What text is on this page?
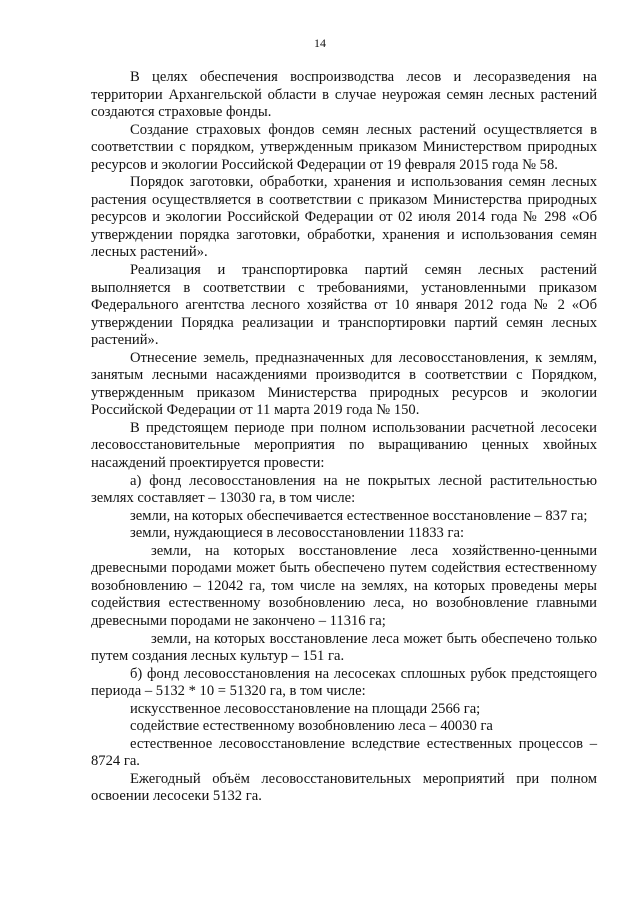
14

В целях обеспечения воспроизводства лесов и лесоразведения на территории Архангельской области в случае неурожая семян лесных растений создаются страховые фонды.

Создание страховых фондов семян лесных растений осуществляется в соответствии с порядком, утвержденным приказом Министерством природных ресурсов и экологии Российской Федерации от 19 февраля 2015 года № 58.

Порядок заготовки, обработки, хранения и использования семян лесных растения осуществляется в соответствии с приказом Министерства природных ресурсов и экологии Российской Федерации от 02 июля 2014 года № 298 «Об утверждении порядка заготовки, обработки, хранения и использования семян лесных растений».

Реализация и транспортировка партий семян лесных растений выполняется в соответствии с требованиями, установленными приказом Федерального агентства лесного хозяйства от 10 января 2012 года № 2 «Об утверждении Порядка реализации и транспортировки партий семян лесных растений».

Отнесение земель, предназначенных для лесовосстановления, к землям, занятым лесными насаждениями производится в соответствии с Порядком, утвержденным приказом Министерства природных ресурсов и экологии Российской Федерации от 11 марта 2019 года № 150.

В предстоящем периоде при полном использовании расчетной лесосеки лесовосстановительные мероприятия по выращиванию ценных хвойных насаждений проектируется провести:

а) фонд лесовосстановления на не покрытых лесной растительностью землях составляет – 13030 га, в том числе:

земли, на которых обеспечивается естественное восстановление – 837 га;

земли, нуждающиеся в лесовосстановлении 11833 га:

земли, на которых восстановление леса хозяйственно-ценными древесными породами может быть обеспечено путем содействия естественному возобновлению – 12042 га, том числе на землях, на которых проведены меры содействия естественному возобновлению леса, но возобновление главными древесными породами не закончено – 11316 га;

земли, на которых восстановление леса может быть обеспечено только путем создания лесных культур – 151 га.

б) фонд лесовосстановления на лесосеках сплошных рубок предстоящего периода – 5132 * 10 = 51320 га, в том числе:

искусственное лесовосстановление на площади 2566 га;

содействие естественному возобновлению леса – 40030 га

естественное лесовосстановление вследствие естественных процессов – 8724 га.

Ежегодный объём лесовосстановительных мероприятий при полном освоении лесосеки 5132 га.
